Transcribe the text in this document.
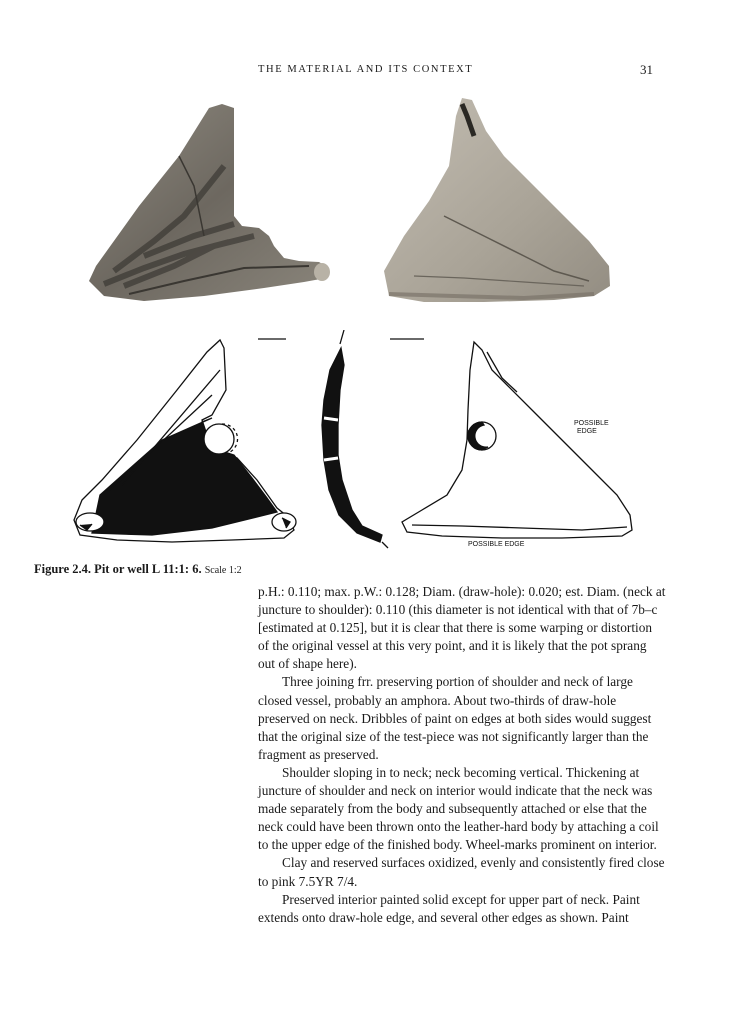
THE MATERIAL AND ITS CONTEXT	31
POSSIBLE
EDGE
POSSIBLE EDGE
Figure 2.4. Pit or well L 11:1: 6. Scale 1:2

p.H.: 0.110; max. p.W.: 0.128; Diam. (draw-hole): 0.020; est. Diam. (neck at juncture to shoulder): 0.110 (this diameter is not identical with that of 7b–c [estimated at 0.125], but it is clear that there is some warping or distortion of the original vessel at this very point, and it is likely that the pot sprang out of shape here).

Three joining frr. preserving portion of shoulder and neck of large closed vessel, probably an amphora. About two-thirds of draw-hole preserved on neck. Dribbles of paint on edges at both sides would suggest that the original size of the test-piece was not significantly larger than the fragment as preserved.

Shoulder sloping in to neck; neck becoming vertical. Thickening at juncture of shoulder and neck on interior would indicate that the neck was made separately from the body and subsequently attached or else that the neck could have been thrown onto the leather-hard body by attaching a coil to the upper edge of the finished body. Wheel-marks prominent on interior.

Clay and reserved surfaces oxidized, evenly and consistently fired close to pink 7.5YR 7/4.

Preserved interior painted solid except for upper part of neck. Paint extends onto draw-hole edge, and several other edges as shown. Paint
